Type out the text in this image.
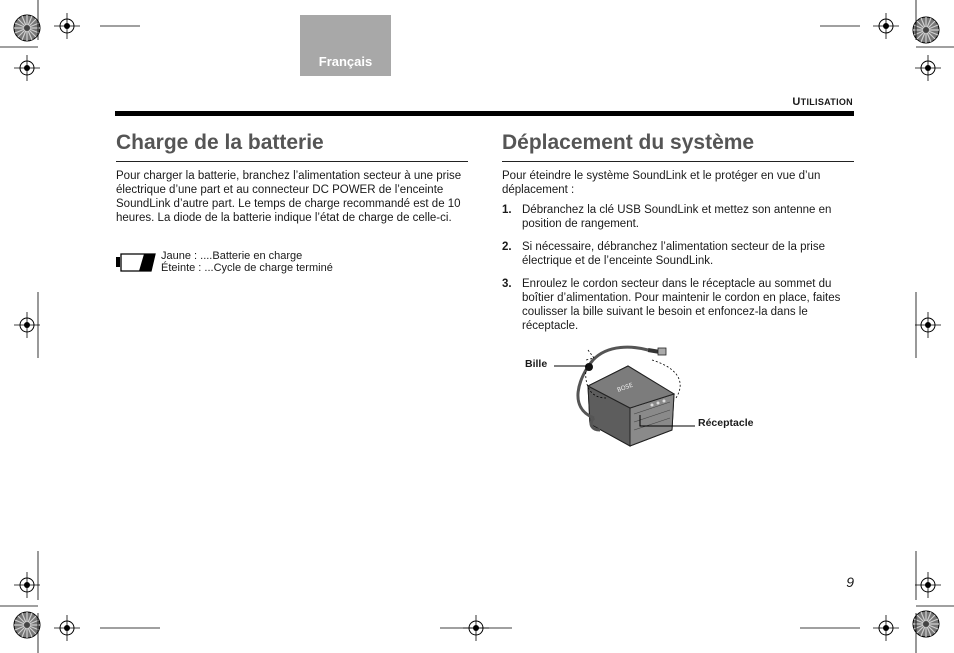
Français
UTILISATION
Charge de la batterie

Pour charger la batterie, branchez l’alimentation secteur à une prise électrique d’une part et au connecteur DC POWER de l’enceinte SoundLink d’autre part. Le temps de charge recommandé est de 10 heures. La diode de la batterie indique l’état de charge de celle-ci.

Jaune : ....Batterie en charge
Éteinte : ...Cycle de charge terminé
Déplacement du système

Pour éteindre le système SoundLink et le protéger en vue d’un déplacement :

1. Débranchez la clé USB SoundLink et mettez son antenne en position de rangement.
2. Si nécessaire, débranchez l’alimentation secteur de la prise électrique et de l’enceinte SoundLink.
3. Enroulez le cordon secteur dans le réceptacle au sommet du boîtier d’alimentation. Pour maintenir le cordon en place, faites coulisser la bille suivant le besoin et enfoncez-la dans le réceptacle.
BOSE
Bille
Réceptacle
9
